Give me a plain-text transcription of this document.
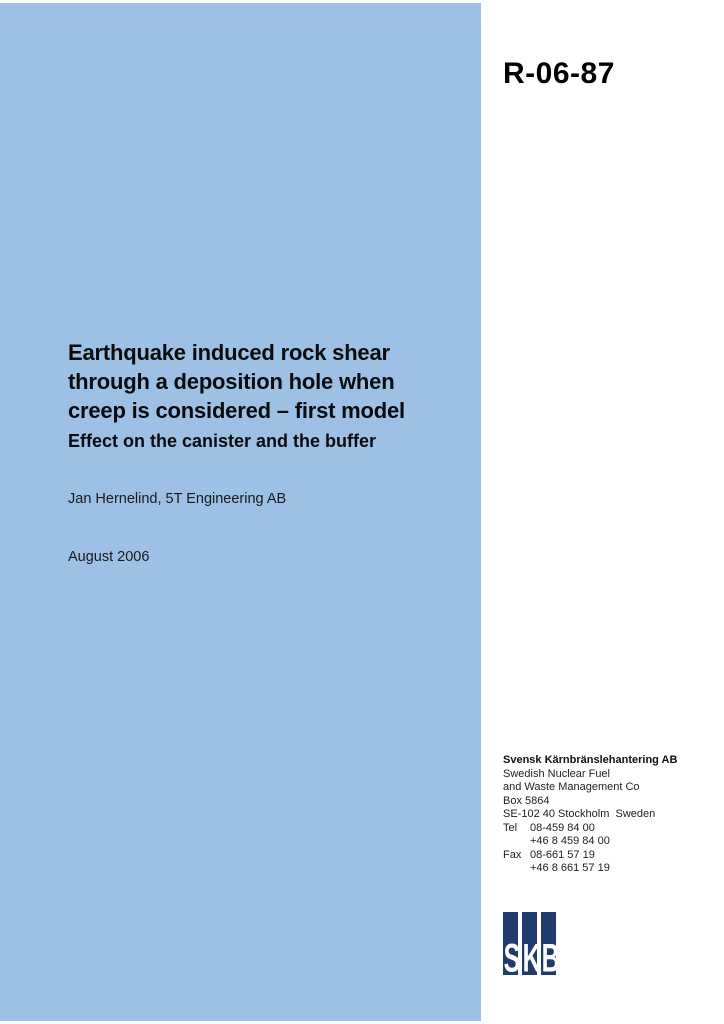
R-06-87
Earthquake induced rock shear
through a deposition hole when
creep is considered – first model
Effect on the canister and the buffer
Jan Hernelind, 5T Engineering AB
August 2006
Svensk Kärnbränslehantering AB
Swedish Nuclear Fuel
and Waste Management Co
Box 5864
SE-102 40 Stockholm  Sweden
Tel	08-459 84 00
+46 8 459 84 00
Fax 08-661 57 19
+46 8 661 57 19
S K B
